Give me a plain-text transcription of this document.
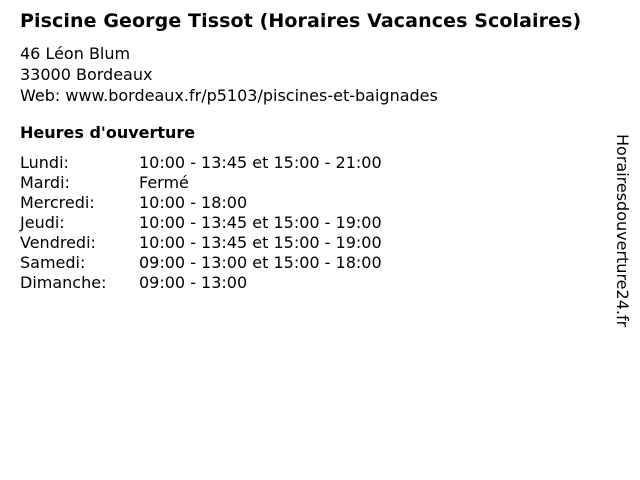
Piscine George Tissot (Horaires Vacances Scolaires)
46 Léon Blum
33000 Bordeaux
Web: www.bordeaux.fr/p5103/piscines-et-baignades
Heures d'ouverture
Lundi:	10:00 - 13:45 et 15:00 - 21:00
Mardi:	Fermé
Mercredi:	10:00 - 18:00
Jeudi:	10:00 - 13:45 et 15:00 - 19:00
Vendredi:	10:00 - 13:45 et 15:00 - 19:00
Samedi:	09:00 - 13:00 et 15:00 - 18:00
Dimanche:	09:00 - 13:00	Horairesdouverture24.fr
